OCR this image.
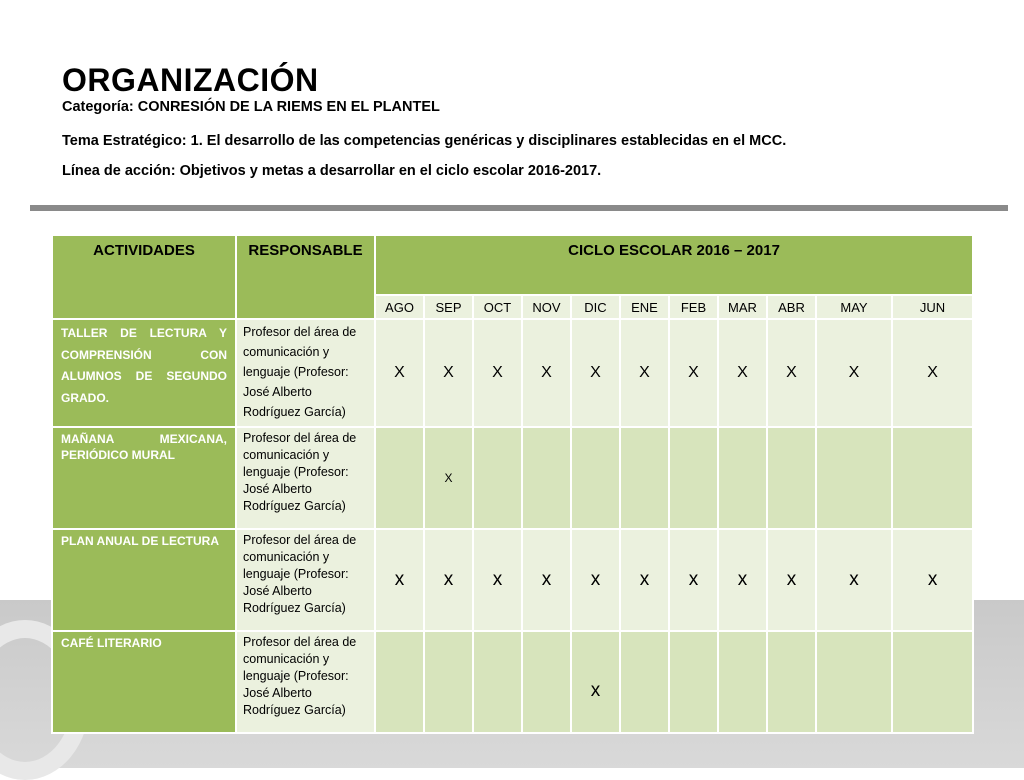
ORGANIZACIÓN
Categoría: CONRESIÓN DE LA RIEMS EN EL PLANTEL
Tema Estratégico: 1. El desarrollo de las competencias genéricas y disciplinares establecidas en el MCC.
Línea de acción: Objetivos y metas a desarrollar en el ciclo escolar 2016-2017.
ACTIVIDADES	RESPONSABLE	CICLO ESCOLAR 2016 – 2017										
		AGO	SEP	OCT	NOV	DIC	ENE	FEB	MAR	ABR	MAY	JUN
TALLER DE LECTURA Y COMPRENSIÓN CON ALUMNOS DE SEGUNDO GRADO.	Profesor del área de comunicación y lenguaje (Profesor: José Alberto Rodríguez García)	X	X	X	X	X	X	X	X	X	X	X
MAÑANA MEXICANA, PERIÓDICO MURAL	Profesor del área de comunicación y lenguaje (Profesor: José Alberto Rodríguez García)		X									
PLAN ANUAL DE LECTURA	Profesor del área de comunicación y lenguaje (Profesor: José Alberto Rodríguez García)	x	x	x	x	x	x	x	x	x	x	x
CAFÉ LITERARIO	Profesor del área de comunicación y lenguaje (Profesor: José Alberto Rodríguez García)					x						
